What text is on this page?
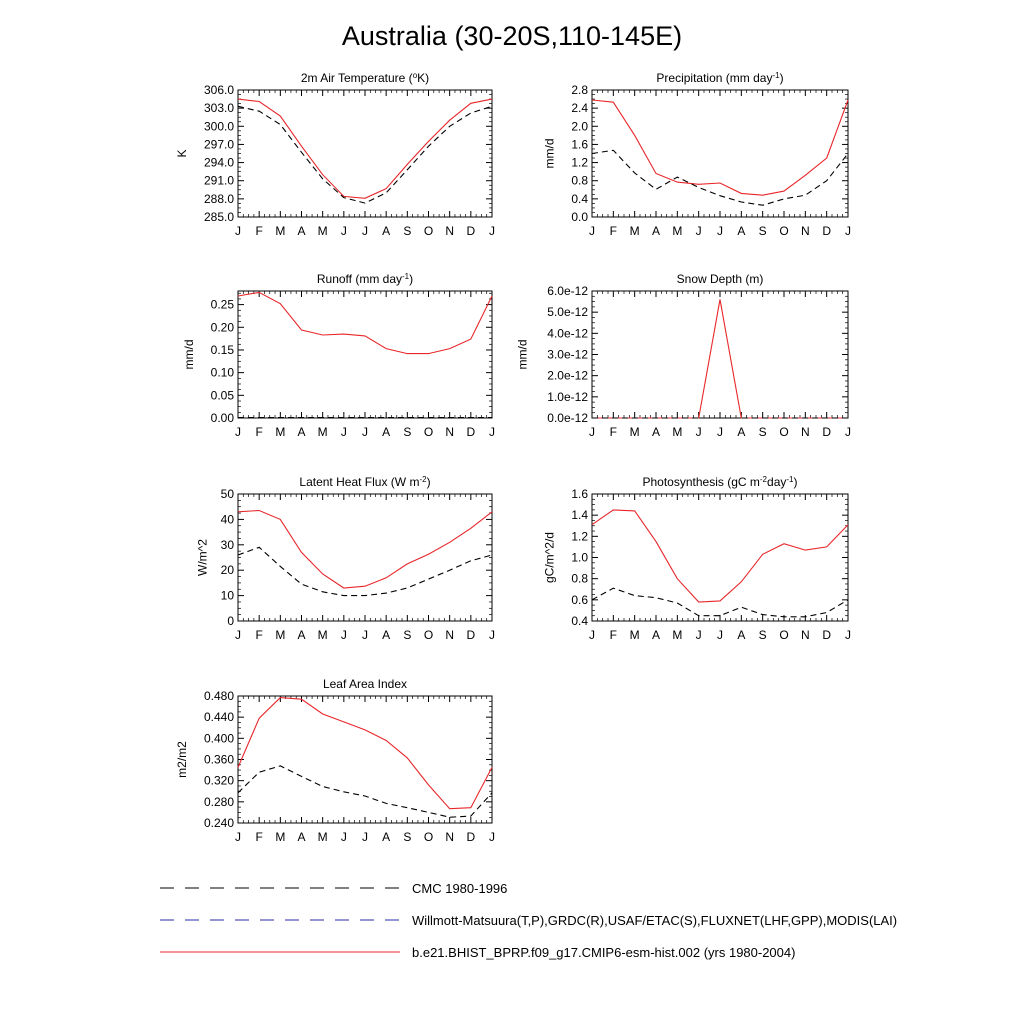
Australia (30-20S,110-145E)
2m Air Temperature ($^o$K)
J F M A M J J A S O N D J
285.0
288.0
291.0
294.0
297.0
300.0
303.0
306.0
K
Precipitation (mm day$^{-1}$)
J F M A M J J A S O N D J
0.0
0.4
0.8
1.2
1.6
2.0
2.4
2.8
mm/d
Runoff (mm day$^{-1}$)
J F M A M J J A S O N D J
0.00
0.05
0.10
0.15
0.20
0.25
mm/d
Snow Depth (m)
J F M A M J J A S O N D J
0.0e-12
1.0e-12
2.0e-12
3.0e-12
4.0e-12
5.0e-12
6.0e-12
mm/d
Latent Heat Flux (W $m^{-2}$)
J F M A M J J A S O N D J
0
10
20
30
40
50
W/m^2
Photosynthesis (gC $m^{-2}day^{-1}$)
J F M A M J J A S O N D J
0.4
0.6
0.8
1.0
1.2
1.4
1.6
gC/m^2/d
Leaf Area Index
J F M A M J J A S O N D J
0.240
0.280
0.320
0.360
0.400
0.440
0.480
m2/m2
CMC 1980-1996
Willmott-Matsuura(T,P),GRDC(R),USAF/ETAC(S),FLUXNET(LHF,GPP),MODIS(LAI)
b.e21.BHIST_BPRP.f09_g17.CMIP6-esm-hist.002 (yrs 1980-2004)
